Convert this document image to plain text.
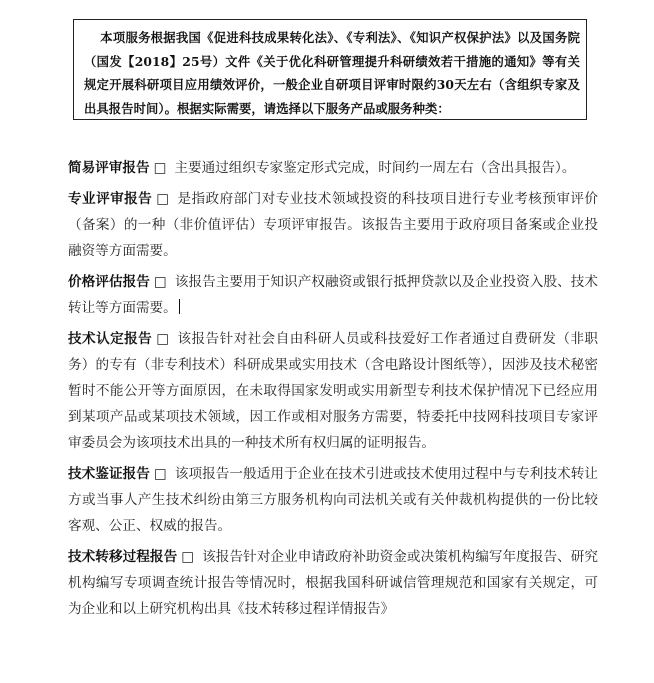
本项服务根据我国《促进科技成果转化法》、《专利法》、《知识产权保护法》以及国务院（国发【2018】25号）文件《关于优化科研管理提升科研绩效若干措施的通知》等有关规定开展科研项目应用绩效评价，一般企业自研项目评审时限约30天左右（含组织专家及出具报告时间）。根据实际需要，请选择以下服务产品或服务种类：
简易评审报告 □ 主要通过组织专家鉴定形式完成，时间约一周左右（含出具报告）。
专业评审报告 □ 是指政府部门对专业技术领域投资的科技项目进行专业考核预审评价（备案）的一种（非价值评估）专项评审报告。该报告主要用于政府项目备案或企业投融资等方面需要。
价格评估报告 □ 该报告主要用于知识产权融资或银行抵押贷款以及企业投资入股、技术转让等方面需要。
技术认定报告 □ 该报告针对社会自由科研人员或科技爱好工作者通过自费研发（非职务）的专有（非专利技术）科研成果或实用技术（含电路设计图纸等），因涉及技术秘密暂时不能公开等方面原因，在未取得国家发明或实用新型专利技术保护情况下已经应用到某项产品或某项技术领域，因工作或相对服务方需要，特委托中技网科技项目专家评审委员会为该项技术出具的一种技术所有权归属的证明报告。
技术鉴证报告 □ 该项报告一般适用于企业在技术引进或技术使用过程中与专利技术转让方或当事人产生技术纠纷由第三方服务机构向司法机关或有关仲裁机构提供的一份比较客观、公正、权威的报告。
技术转移过程报告 □ 该报告针对企业申请政府补助资金或决策机构编写年度报告、研究机构编写专项调查统计报告等情况时，根据我国科研诚信管理规范和国家有关规定，可为企业和以上研究机构出具《技术转移过程详情报告》
